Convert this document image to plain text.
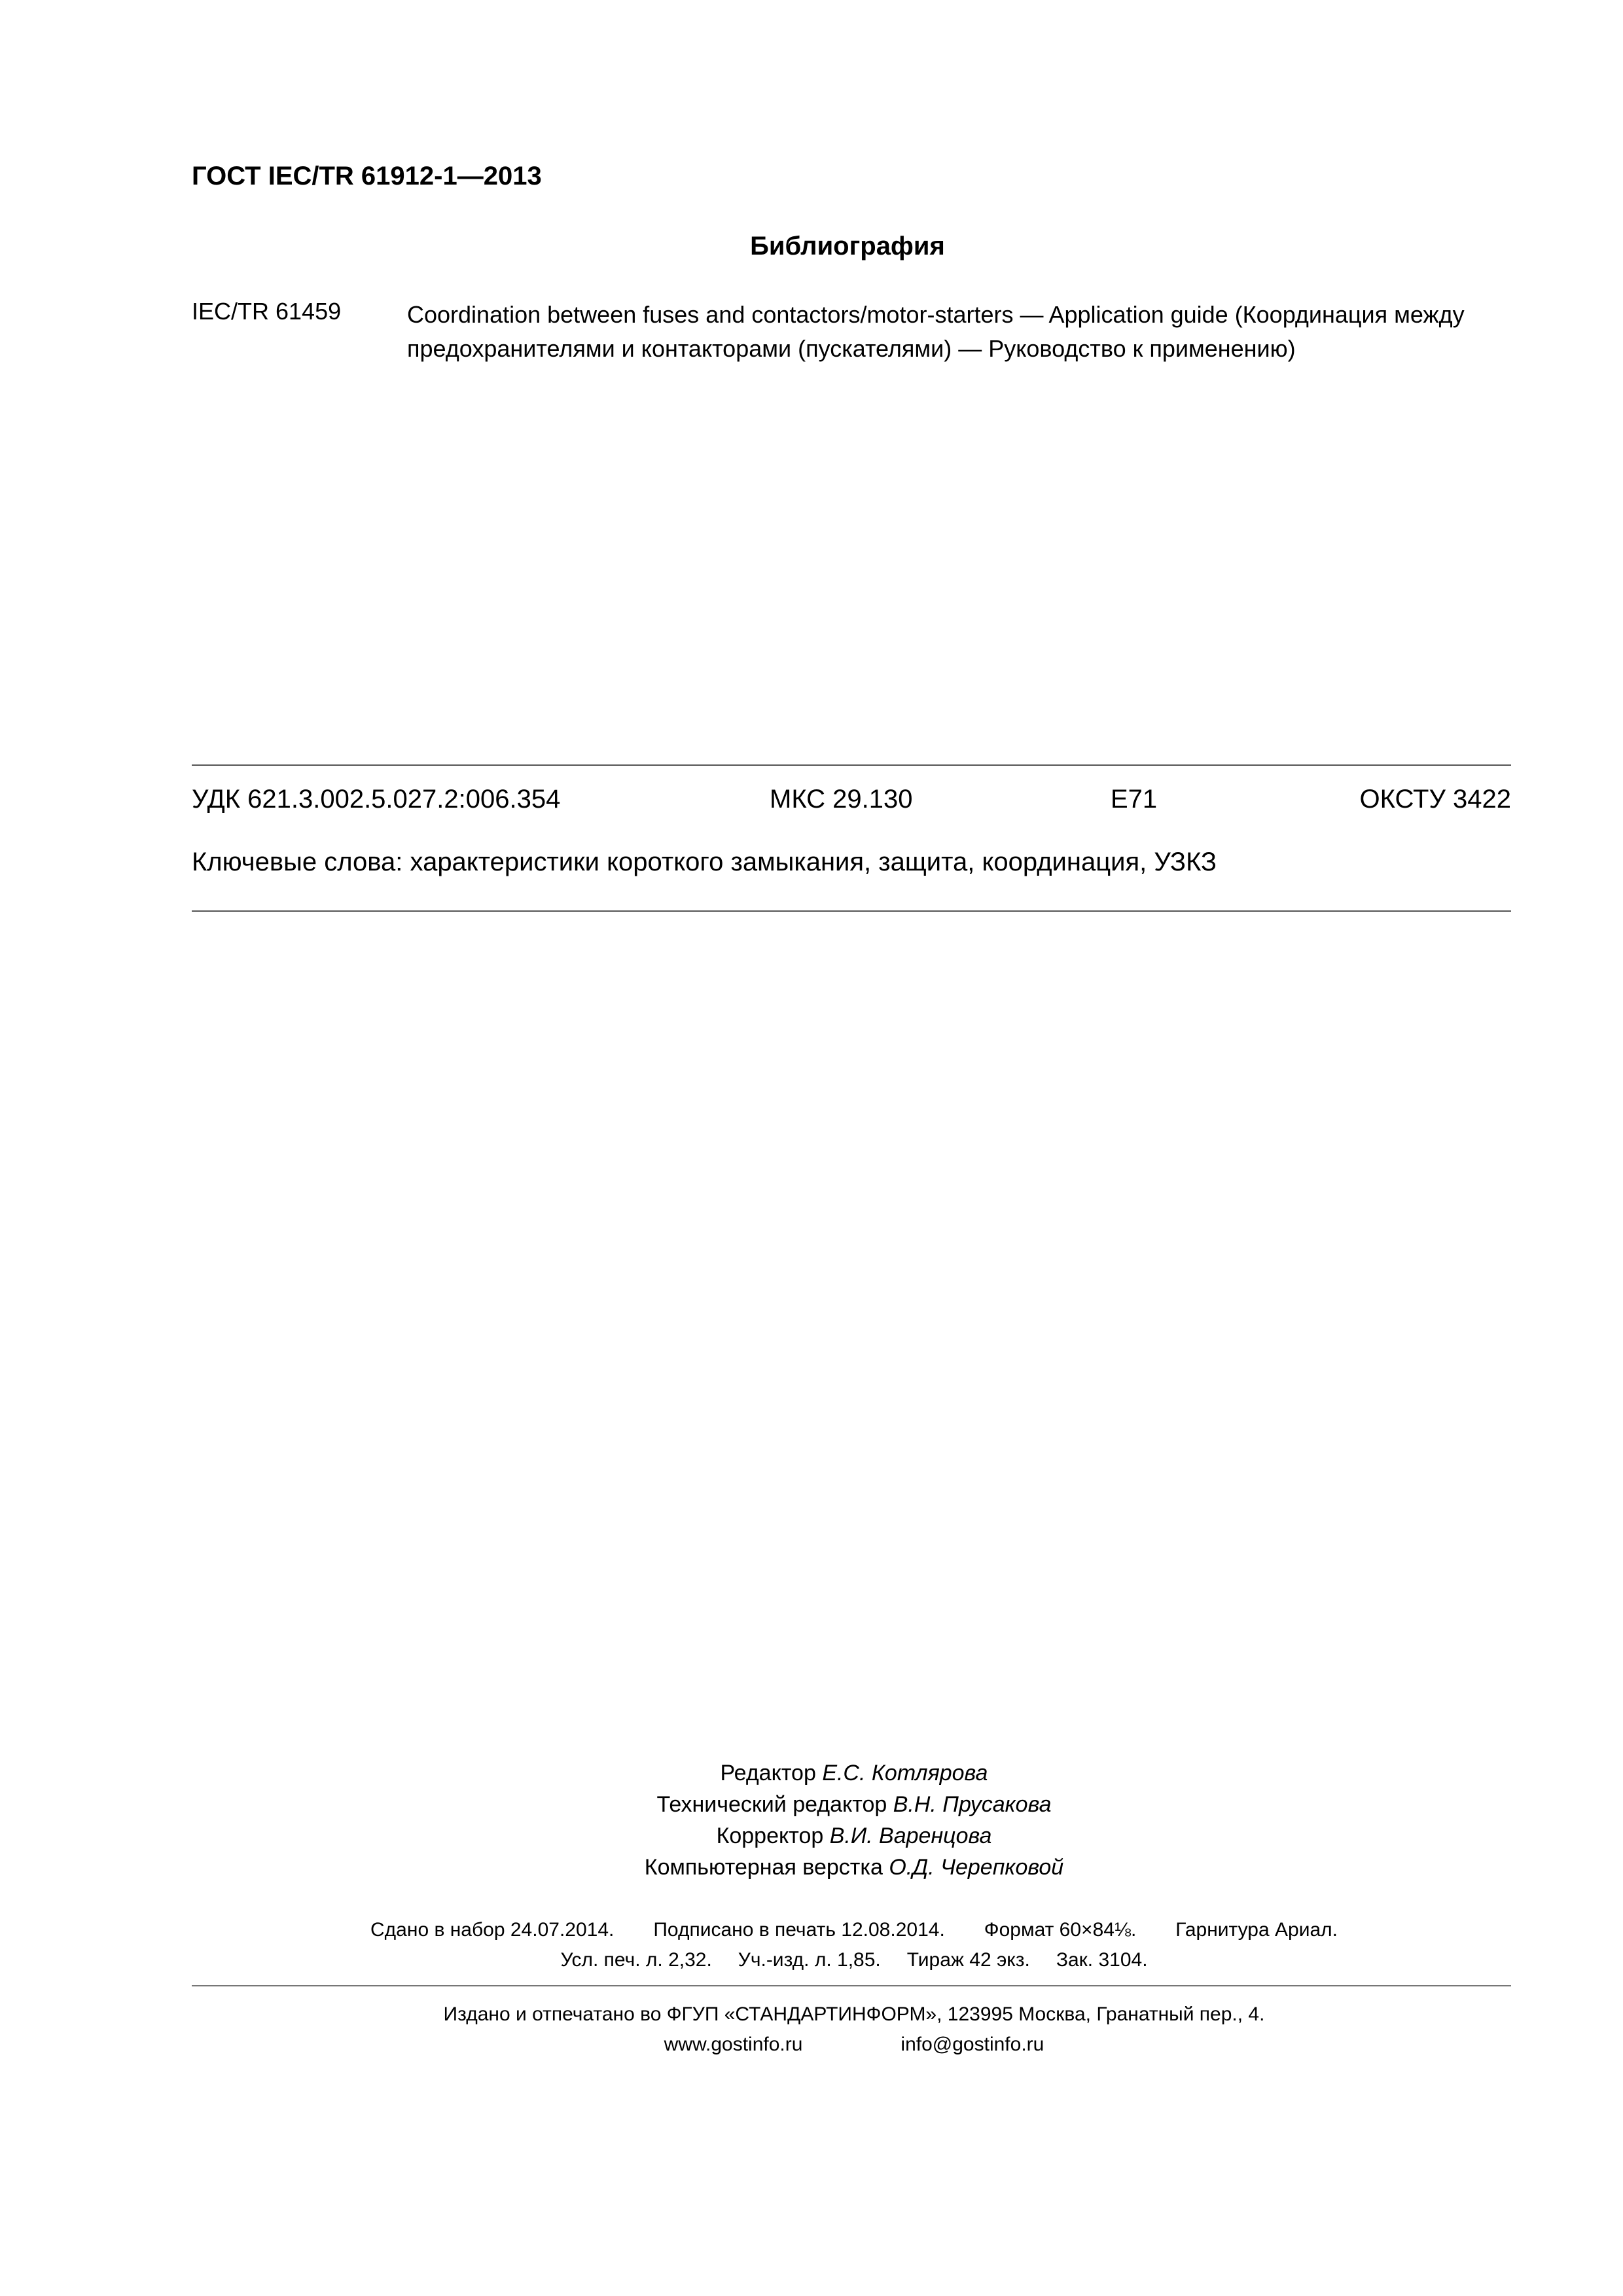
ГОСТ IEC/TR 61912-1—2013
Библиография
IEC/TR 61459	Coordination between fuses and contactors/motor-starters — Application guide (Координация между предохранителями и контакторами (пускателями) — Руководство к применению)
УДК 621.3.002.5.027.2:006.354	МКС 29.130	E71	ОКСТУ 3422
Ключевые слова: характеристики короткого замыкания, защита, координация, УЗКЗ
Редактор Е.С. Котлярова
Технический редактор В.Н. Прусакова
Корректор В.И. Варенцова
Компьютерная верстка О.Д. Черепковой
Сдано в набор 24.07.2014. Подписано в печать 12.08.2014. Формат 60×84⅛. Гарнитура Ариал.
Усл. печ. л. 2,32. Уч.-изд. л. 1,85. Тираж 42 экз. Зак. 3104.
Издано и отпечатано во ФГУП «СТАНДАРТИНФОРМ», 123995 Москва, Гранатный пер., 4.
www.gostinfo.ru	info@gostinfo.ru
